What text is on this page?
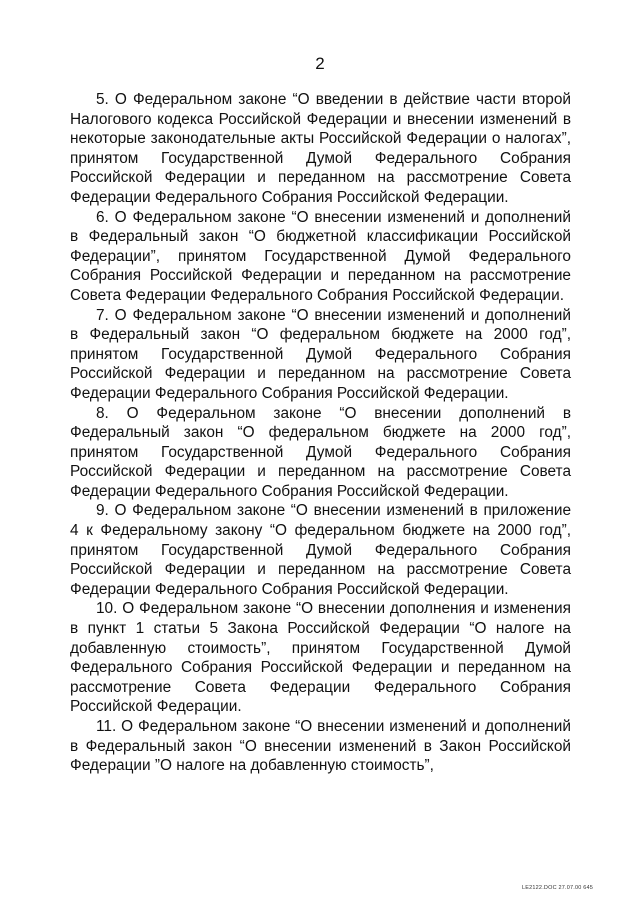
2

5. О Федеральном законе “О введении в действие части второй Налогового кодекса Российской Федерации и внесении изменений в некоторые законодательные акты Российской Федерации о налогах”, принятом Государственной Думой Федерального Собрания Российской Федерации и переданном на рассмотрение Совета Федерации Федерального Собрания Российской Федерации.

6. О Федеральном законе “О внесении изменений и дополнений в Федеральный закон “О бюджетной классификации Российской Федерации”, принятом Государственной Думой Федерального Собрания Российской Федерации и переданном на рассмотрение Совета Федерации Федерального Собрания Российской Федерации.

7. О Федеральном законе “О внесении изменений и дополнений в Федеральный закон “О федеральном бюджете на 2000 год”, принятом Государственной Думой Федерального Собрания Российской Федерации и переданном на рассмотрение Совета Федерации Федерального Собрания Российской Федерации.

8. О Федеральном законе “О внесении дополнений в Федеральный закон “О федеральном бюджете на 2000 год”, принятом Государственной Думой Федерального Собрания Российской Федерации и переданном на рассмотрение Совета Федерации Федерального Собрания Российской Федерации.

9. О Федеральном законе “О внесении изменений в приложение 4 к Федеральному закону “О федеральном бюджете на 2000 год”, принятом Государственной Думой Федерального Собрания Российской Федерации и переданном на рассмотрение Совета Федерации Федерального Собрания Российской Федерации.

10. О Федеральном законе “О внесении дополнения и изменения в пункт 1 статьи 5 Закона Российской Федерации “О налоге на добавленную стоимость”, принятом Государственной Думой Федерального Собрания Российской Федерации и переданном на рассмотрение Совета Федерации Федерального Собрания Российской Федерации.

11. О Федеральном законе “О внесении изменений и дополнений в Федеральный закон “О внесении изменений в Закон Российской Федерации ”О налоге на добавленную стоимость”,

LE2122.DOC 27.07.00 645
